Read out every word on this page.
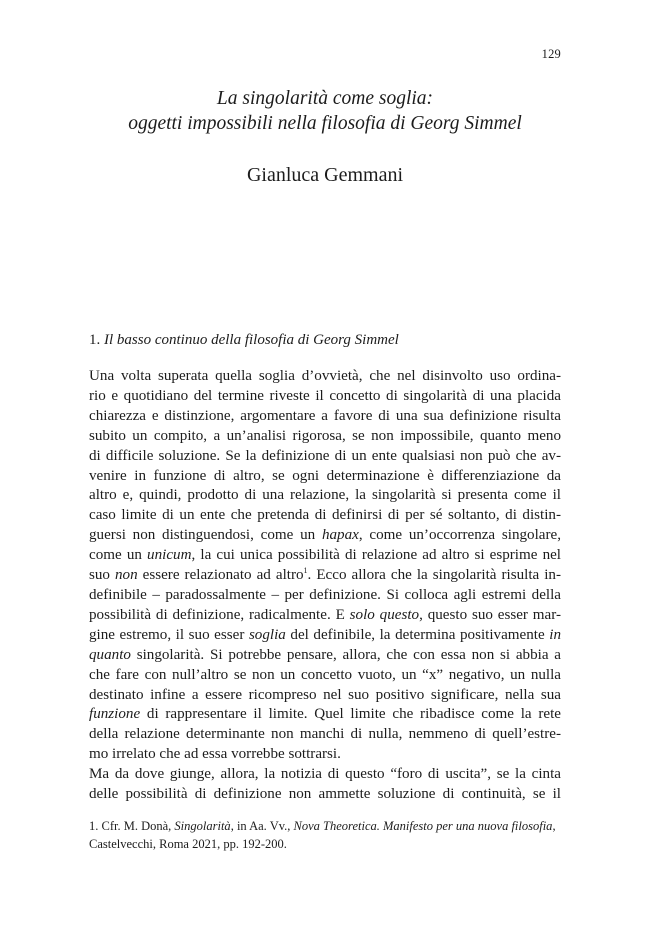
129
La singolarità come soglia:
oggetti impossibili nella filosofia di Georg Simmel
Gianluca Gemmani
1. Il basso continuo della filosofia di Georg Simmel
Una volta superata quella soglia d’ovvietà, che nel disinvolto uso ordina-
rio e quotidiano del termine riveste il concetto di singolarità di una placida
chiarezza e distinzione, argomentare a favore di una sua definizione risulta
subito un compito, a un’analisi rigorosa, se non impossibile, quanto meno
di difficile soluzione. Se la definizione di un ente qualsiasi non può che av-
venire in funzione di altro, se ogni determinazione è differenziazione da
altro e, quindi, prodotto di una relazione, la singolarità si presenta come il
caso limite di un ente che pretenda di definirsi di per sé soltanto, di distin-
guersi non distinguendosi, come un hapax, come un’occorrenza singolare,
come un unicum, la cui unica possibilità di relazione ad altro si esprime nel
suo non essere relazionato ad altro$^1$. Ecco allora che la singolarità risulta in-
definibile – paradossalmente – per definizione. Si colloca agli estremi della
possibilità di definizione, radicalmente. E solo questo, questo suo esser mar-
gine estremo, il suo esser soglia del definibile, la determina positivamente in
quanto singolarità. Si potrebbe pensare, allora, che con essa non si abbia a
che fare con null’altro se non un concetto vuoto, un “x” negativo, un nulla
destinato infine a essere ricompreso nel suo positivo significare, nella sua
funzione di rappresentare il limite. Quel limite che ribadisce come la rete
della relazione determinante non manchi di nulla, nemmeno di quell’estre-
mo irrelato che ad essa vorrebbe sottrarsi.
Ma da dove giunge, allora, la notizia di questo “foro di uscita”, se la cinta
delle possibilità di definizione non ammette soluzione di continuità, se il
1. Cfr. M. Donà, Singolarità, in Aa. Vv., Nova Theoretica. Manifesto per una nuova filosofia,
Castelvecchi, Roma 2021, pp. 192-200.
